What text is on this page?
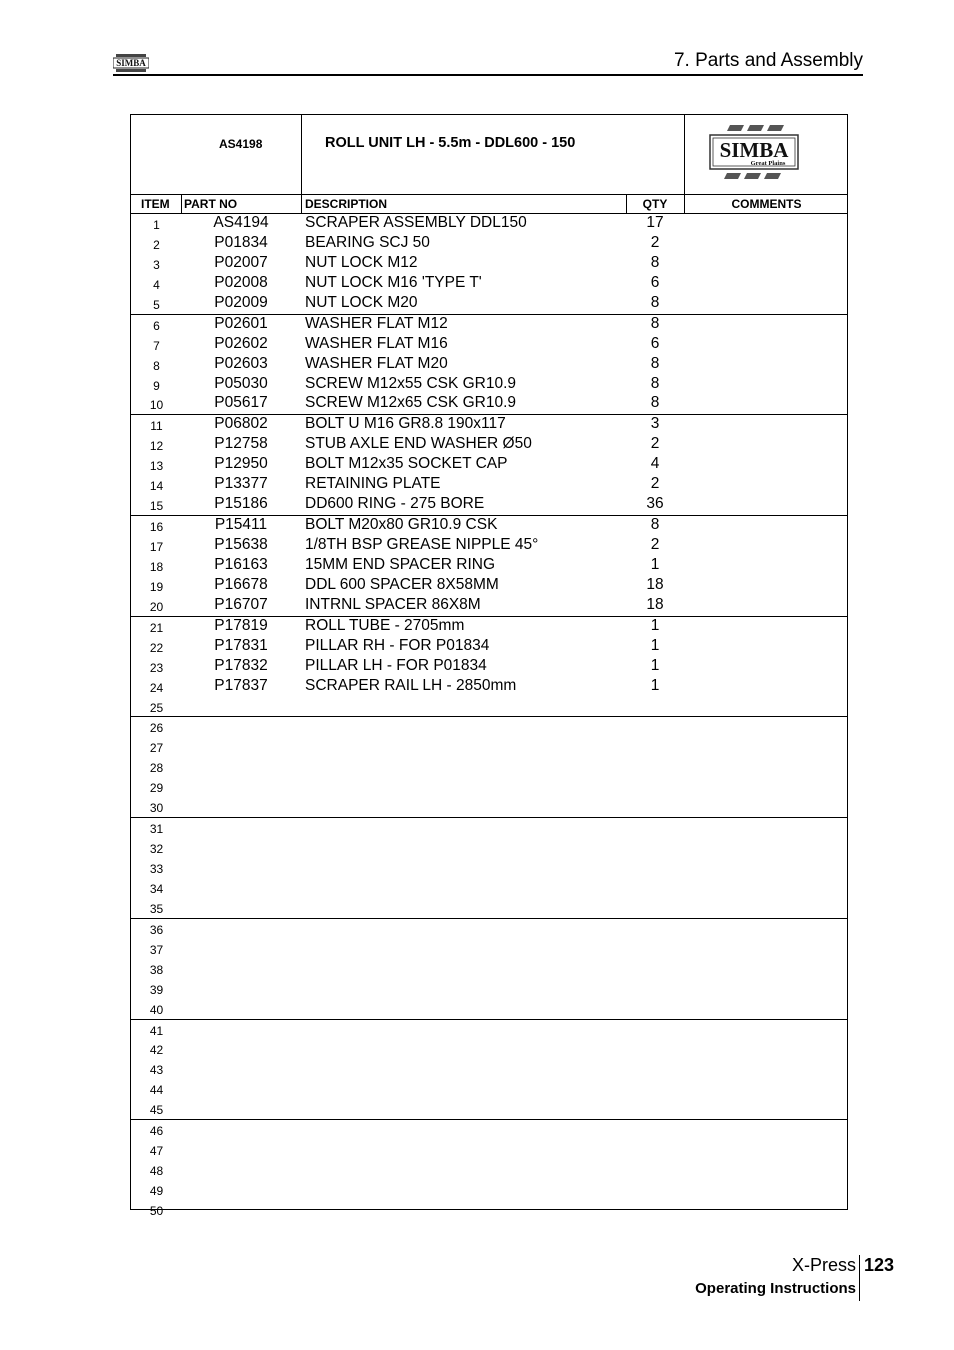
SIMBA	7. Parts and Assembly
AS4198	ROLL UNIT LH - 5.5m - DDL600 - 150	SIMBA
Great Plains
ITEM PART NO	DESCRIPTION	QTY	COMMENTS
1	AS4194	SCRAPER ASSEMBLY DDL150	17
2	P01834	BEARING SCJ 50	2
3	P02007	NUT LOCK M12	8
4	P02008	NUT LOCK M16 'TYPE T'	6
5	P02009	NUT LOCK M20	8
6	P02601	WASHER FLAT M12	8
7	P02602	WASHER FLAT M16	6
8	P02603	WASHER FLAT M20	8
9	P05030	SCREW M12x55 CSK GR10.9	8
10	P05617	SCREW M12x65 CSK GR10.9	8
11	P06802	BOLT U M16 GR8.8 190x117	3
12	P12758	STUB AXLE END WASHER Ø50	2
13	P12950	BOLT M12x35 SOCKET CAP	4
14	P13377	RETAINING PLATE	2
15	P15186	DD600 RING - 275 BORE	36
16	P15411	BOLT M20x80 GR10.9 CSK	8
17	P15638	1/8TH BSP GREASE NIPPLE 45°	2
18	P16163	15MM END SPACER RING	1
19	P16678	DDL 600 SPACER 8X58MM	18
20	P16707	INTRNL SPACER 86X8M	18
21	P17819	ROLL TUBE - 2705mm	1
22	P17831	PILLAR RH - FOR P01834	1
23	P17832	PILLAR LH - FOR P01834	1
24	P17837	SCRAPER RAIL LH - 2850mm	1
25
26
27
28
29
30
31
32
33
34
35
36
37
38
39
40
41
42
43
44
45
46
47
48
49
50
X-Press 123
Operating Instructions
